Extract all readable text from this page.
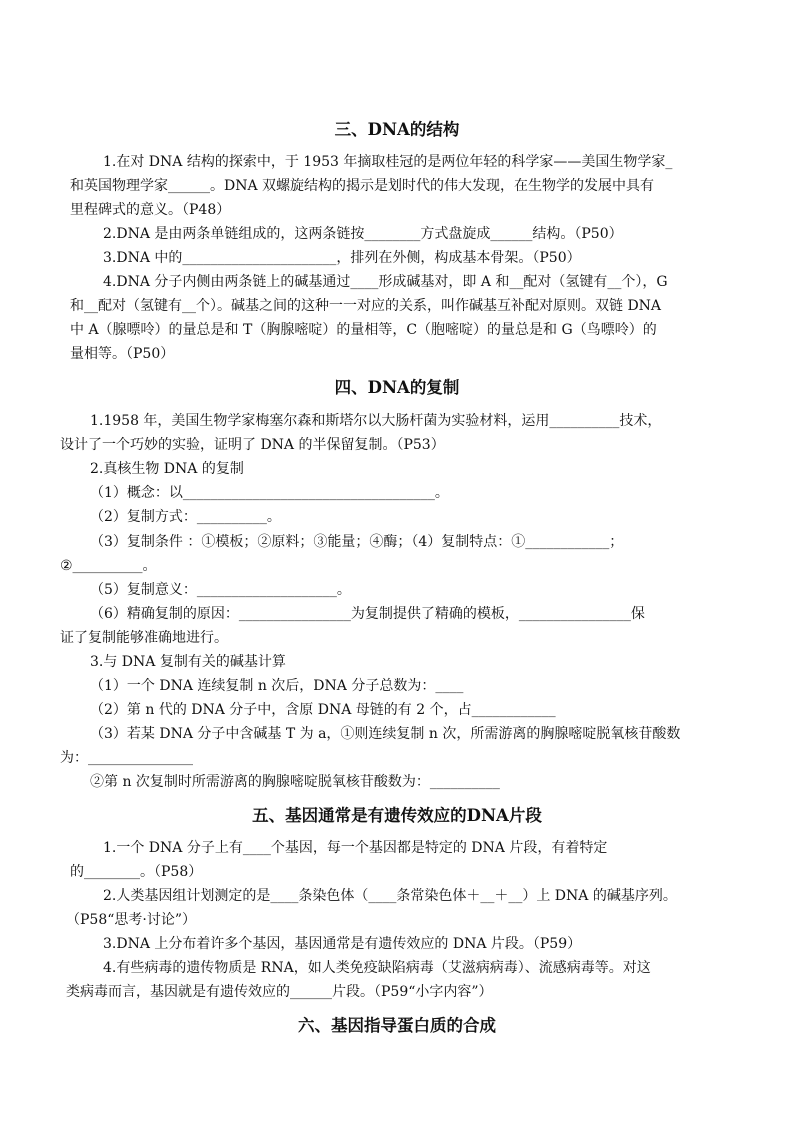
三、DNA的结构
1.在对 DNA 结构的探索中，于 1953 年摘取桂冠的是两位年轻的科学家——美国生物学家_
和英国物理学家______。DNA 双螺旋结构的揭示是划时代的伟大发现，在生物学的发展中具有
里程碑式的意义。（P48）
2.DNA 是由两条单链组成的，这两条链按________方式盘旋成______结构。（P50）
3.DNA 中的______________________，排列在外侧，构成基本骨架。（P50）
4.DNA 分子内侧由两条链上的碱基通过____形成碱基对，即 A 和__配对（氢键有__个），G
和__配对（氢键有__个）。碱基之间的这种一一对应的关系，叫作碱基互补配对原则。双链 DNA
中 A（腺嘌呤）的量总是和 T（胸腺嘧啶）的量相等，C（胞嘧啶）的量总是和 G（鸟嘌呤）的
量相等。（P50）
四、DNA的复制
1.1958 年，美国生物学家梅塞尔森和斯塔尔以大肠杆菌为实验材料，运用__________技术，
设计了一个巧妙的实验，证明了 DNA 的半保留复制。（P53）
2.真核生物 DNA 的复制
（1）概念：以____________________________________。
（2）复制方式：__________。
（3）复制条件 ：①模板；②原料；③能量；④酶；（4）复制特点：①____________；
②__________。
（5）复制意义：____________________。
（6）精确复制的原因：________________为复制提供了精确的模板，________________保
证了复制能够准确地进行。
3.与 DNA 复制有关的碱基计算
（1）一个 DNA 连续复制 n 次后，DNA 分子总数为：____
（2）第 n 代的 DNA 分子中，含原 DNA 母链的有 2 个，占____________
（3）若某 DNA 分子中含碱基 T 为 a，①则连续复制 n 次，所需游离的胸腺嘧啶脱氧核苷酸数
为：_______________
②第 n 次复制时所需游离的胸腺嘧啶脱氧核苷酸数为：__________
五、基因通常是有遗传效应的DNA片段
1.一个 DNA 分子上有____个基因，每一个基因都是特定的 DNA 片段，有着特定
的________。（P58）
2.人类基因组计划测定的是____条染色体（____条常染色体＋__＋__）上 DNA 的碱基序列。
（P58“思考·讨论”）
3.DNA 上分布着许多个基因，基因通常是有遗传效应的 DNA 片段。（P59）
4.有些病毒的遗传物质是 RNA，如人类免疫缺陷病毒（艾滋病病毒）、流感病毒等。对这
类病毒而言，基因就是有遗传效应的______片段。（P59“小字内容”）
六、基因指导蛋白质的合成
